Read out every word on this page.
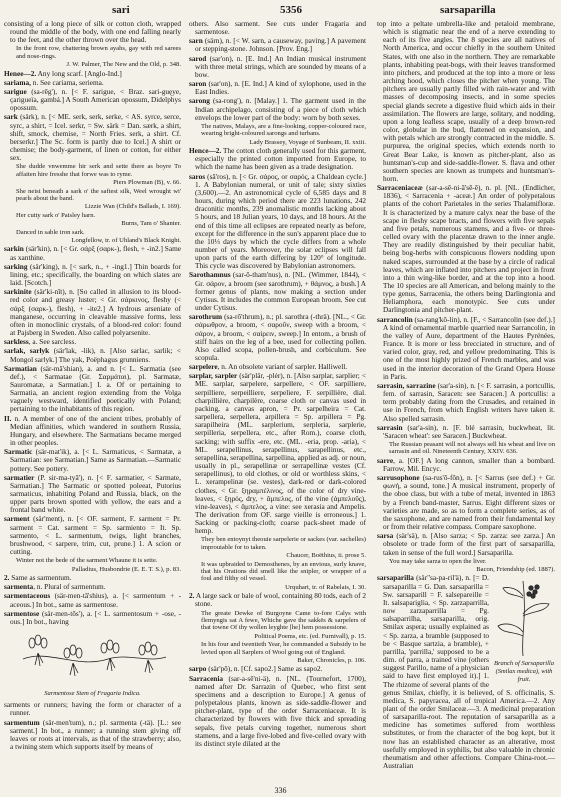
sari	5356	sarsaparilla

consisting of a long piece of silk or cotton cloth, wrapped round the middle of the body, with one end falling nearly to the feet, and the other thrown over the head.

In the front row, chattering brown ayahs, gay with red sarees and nose-rings.

J. W. Palmer, The New and the Old, p. 348.

Henee—2. Any long scarf. [Anglo-Ind.]

sariama, n. See cariama, seriema.

sarigue (sa-rēg'), n. [< F. sarigue, < Braz. sari-guęye, çarigueïa, gambá.] A South American opossum, Didelphys opossum.

sark (särk), n. [< ME. serk, serk, serke, < AS. syrce, serce, syrc, a shirt, = Icel. serkr, = Sw. särk = Dan. særk, a shirt, shift, smock, chemise, = North Fries. serk, a shirt. Cf. berserkr.] The Sc. form is partly due to Icel.] A shirt or chemise; the body-garment, of linen or cotton, for either sex.

She dudde vnwemme hir serk and sette there as boyre To affaiten hire fresshe that forwe was to ryme.

Piers Plowman (B), v. 66.

She neist beneath a sark o' the saftest silk, Weel wrought wi' pearls about the band.

Lizzie Wan (Child's Ballads, I. 169).

Her cutty sark o' Paisley harn.

Burns, Tam o' Shanter.

Danced in sable iron sark.

Longfellow, tr. of Uhland's Black Knight.

sarkin (sär'kin), n. [< Gr. σάρξ (σαρκ-), flesh, + -in2.] Same as xanthine.

sarking (sär'king), n. [< sark, n., + -ing1.] Thin boards for lining, etc.; specifically, the boarding on which slates are laid. [Scotch.]

sarkinite (sär'ki-nīt), n. [So called in allusion to its blood-red color and greasy luster; < Gr. σάρκινος, fleshy (< σάρξ (σαρκ-), flesh), + -ite2.] A hydrous arseniate of manganese, occurring in cleavable massive forms, less often in monoclinic crystals, of a blood-red color: found at Pajsberg in Sweden. Also called polyarsenite.

sarkless, a. See sarcless.

sarlak, sarlyk (sär'lak, -lik), n. [Also sarlac, sarlik; < Mongol sarlyk.] The yak, Poëphagus grunniens.

Sarmatian (sär-mā'shian), a. and n. [< L. Sarmatia (see def.), < Sarmatae (Gr. Σαρμάται), pl. Sarmatæ, Sauromatæ, a Sarmatian.] I. a. Of or pertaining to Sarmatia, an ancient region extending from the Volga vaguely westward, identified poetically with Poland; pertaining to the inhabitants of this region.

II. n. A member of one of the ancient tribes, probably of Median affinities, which wandered in southern Russia, Hungary, and elsewhere. The Sarmatians became merged in other peoples.

Sarmatic (sär-mat'ik), a. [< L. Sarmaticus, < Sarmatæ, a Sarmatian: see Sarmatian.] Same as Sarmatian.—Sarmatic pottery. See pottery.

sarmatier (P. sir-ma-tyā'), n. [< F. sarmatier, < Sarmate, Sarmatian.] The Sarmatic or spotted poleeat, Putorius sarmaticus, inhabiting Poland and Russia, black, on the upper parts brown spotted with yellow, the ears and a frontal band white.

sarment (sär'ment), n. [< OF. sarment, F. sarment = Pr. sarment = Cat. sarment = Sp. sarmiento = It. Sp. sarmento, < L. sarmentum, twigs, light branches, brushwood, < sarpere, trim, cut, prune.] 1. A scion or cutting.

Winter not the bede of the sarment Whaune it is sette.

Palladius, Husbondrie (E. E. T. S.), p. 83.

2. Same as sarmentum.

sarmenta, n. Plural of sarmentum.

sarmentaceous (sär-men-tā'shius), a. [< sarmentum + -aceous.] In bot., same as sarmentose.

sarmentose (sär-men-tōs'), a. [< L. sarmentosum + -ose, -ous.] In bot., having

Sarmentose Stem of Fragaria Indica.

sarments or runners; having the form or character of a runner.

sarmentum (sär-men'tum), n.; pl. sarmenta (-tä). [L.: see sarment.] In bot., a runner; a running stem giving off leaves or roots at intervals, as that of the strawberry; also, a twining stem which supports itself by means of

others. Also sarment. See cuts under Fragaria and sarmentose.

sarn (särn), n. [< W. sarn, a causeway, paving.] A pavement or stepping-stone. Johnson. [Prov. Eng.]

sarod (sar'on), n. [E. Ind.] An Indian musical instrument with three metal strings, which are sounded by means of a bow.

saron (sar'on), n. [E. Ind.] A kind of xylophone, used in the East Indies.

sarong (sa-rong'), n. [Malay.] 1. The garment used in the Indian archipelago, consisting of a piece of cloth which envelops the lower part of the body: worn by both sexes.

The natives, Malays, are a fine-looking, copper-coloured race, wearing bright-coloured sarongs and turbans.

Lady Brassey, Voyage of Sunbeam, II. xxiii.

Hence—2. The cotton cloth generally used for this garment, especially the printed cotton imported from Europe, to which the name has been given as a trade designation.

saros (sā'ros), n. [< Gr. σάρος, or σαρός, a Chaldean cycle.] 1. A Babylonian numeral, or unit of tale; sixty sixties (3,600).—2. An astronomical cycle of 6,585 days and 8 hours, during which period there are 223 lunations, 242 draconitic months, 239 anomalistic months lacking about 5 hours, and 18 Julian years, 10 days, and 18 hours. At the end of this time all eclipses are repeated nearly as before, except for the difference in the sun's apparent place due to the 10⅓ days by which the cycle differs from a whole number of years. Moreover, the solar eclipses will fall upon parts of the earth differing by 120° of longitude. This cycle was discovered by Babylonian astronomers.

Sarothamnus (sar-ō-tham'nus), n. [NL. (Wimmer, 1844), < Gr. σάρον, a broom (see sarothrum), + θάμνος, a bush.] A former genus of plants, now making a section under Cytisus. It includes the common European broom. See cut under Cytisus.

sarothrum (sa-rō'thrum), n.; pl. sarothra (-thrä). [NL., < Gr. σάρωθρον, a broom, < σαροῦν, sweep with a broom, < σάρον, a broom, < σαίρειν, sweep.] In entom., a brush of stiff hairs on the leg of a bee, used for collecting pollen. Also called scopa, pollen-brush, and corbiculum. See scopula.

sarpelere, n. An obsolete variant of sarpler. Halliwell.

sarplar, sarpler (sär'plär, -plėr), n. [Also sarplar, sarplier; < ME. sarplar, sarpelere, sarpellere, < OF. sarpilliere, serpilliere, serpeilliere, serpeliere, F. serpillière, dial. charpillière, charpilère, coarse cloth or canvas used in packing, a canvas apron, = Pr. sarpelheira = Cat. sarpellera, serpellera, arpillera = Sp. arpillera = Pg. sarapilheira (ML. sarplerium, serpleria, sarplerie, serpilleria, serpellera, etc., after Rom.), coarse cloth, sacking; with suffix -ere, etc. (ML. -eria, prop. -aria), < ML. serapellinus, serapellinus, sarapellinus, etc., serapellina, serapellina, sarpellina, applied as adj. or noun, usually in pl., serapellinæ or serrapellinæ vestes (Cf. serapellinus), to old clothes, or old or worthless skins, < L. xerampelinæ (se. vestes), dark-red or dark-colored clothes, < Gr. ξηραμπέλινος, of the color of dry vine-leaves, < ξηρός, dry, + ἄμπελος, of the vine (ἀμπελοῦς), vine-leaves), < ἄμπελος, a vine: see xerasia and Ampelis. The derivation from OF. sarge vieille is erroneous.] 1. Sacking or packing-cloth; coarse pack-sheet made of hemp.

They ben entoynyt theouie sarpelerie or sackes (var. sachelles) improuiable for to taken.

Chaucer, Boëthius, ii. prose 5.

It was upbraided to Demosthenes, by an envious, surly knave, that his Orations did smell like the snipler, or wrapper of a foul and filthy oil vessel.

Urquhart, tr. of Rabelais, I. 30.

2. A large sack or bale of wool, containing 80 tods, each of 2 stone.

The greate Dewke of Burgoyne Came to-fore Calys with flemyngis sat A fewe, Whiche gave the sakkës & sarpelers of that towne Of thy wollen leyghte [he] hem possessione.

Political Poems, etc. (ed. Furnivall), p. 15.

In his four and twentieth Year, he commanded a Subsidy to be levied upon all Sarplers of Wool going out of England.

Baker, Chronicles, p. 106.

sarpo (sär'pō), n. [Cf. sapo2.] Same as sapo2.

Sarracenia (sar-a-sē'ni-ä), n. [NL. (Tournefort, 1700), named after Dr. Sarrazin of Quebec, who first sent specimens and a description to Europe.] A genus of polypetalous plants, known as side-saddle-flower and pitcher-plant, type of the order Sarraceniaceæ. It is characterized by flowers with five thick and spreading sepals, five petals curving together, numerous short stamens, and a large five-lobed and five-celled ovary with its distinct style dilated at the

top into a peltate umbrella-like and petaloid membrane, which is stigmatic near the end of a nerve extending to each of its five angles. The 8 species are all natives of North America, and occur chiefly in the southern United States, with one also in the northern. They are remarkable plants, inhabiting peat-bogs, with their leaves transformed into pitchers, and produced at the top into a more or less arching hood, which closes the pitcher when young. The pitchers are usually partly filled with rain-water and with masses of decomposing insects, and in some species special glands secrete a digestive fluid which aids in their assimilation. The flowers are large, solitary, and nodding, upon a long leafless scape, usually of a deep brown-red color, globular in the bud, flattened on expansion, and with petals which are strongly contracted in the middle. S. purpurea, the original species, which extends north to Great Bear Lake, is known as pitcher-plant, also as huntsman's-cup and side-saddle-flower. S. flava and other southern species are known as trumpets and huntsman's-horn.

Sarraceniaceæ (sar-a-sē-ni-ā'sē-ē), n. pl. [NL. (Endlicher, 1836), < Sarracenia + -aceæ.] An order of polypetalous plants of the cohort Parietales in the series Thalamifloræ. It is characterized by a mature calyx near the base of the scape in fleshy scape bracts, and flowers with five sepals and five petals, numerous stamens, and a five- or three-celled ovary with the placentæ drawn to the inner angle. They are readily distinguished by their peculiar habit, being bog-herbs with conspicuous flowers nodding upon naked scapes, surrounded at the base by a circle of radical leaves, which are inflated into pitchers and project in front into a thin wing-like border, and at the top into a hood. The 10 species are all American, and belong mainly to the type genus, Sarracenia, the others being Darlingtonia and Heliamphora, each monotypic. See cuts under Darlingtonia and pitcher-plant.

sarrancolin (sa-rang'kō-lin), n. [F., < Sarrancolin (see def.).] A kind of ornamental marble quarried near Sarrancolin, in the valley of Aure, department of the Hautes Pyrénées, France. It is more or less brecciated in structure, and of varied color, gray, red, and yellow predominating. This is one of the most highly prized of French marbles, and was used in the interior decoration of the Grand Opera House in Paris.

sarrasin, sarrazine (sar'a-sin), n. [< F. sarrasin, a portcullis, fem. of sarrasin, Saracen: see Saracen.] A portcullis: a term probably dating from the Crusades, and retained in use in French, from which English writers have taken it. Also spelled sarrasin.

sarrasin (sar'a-sin), n. [F. blé sarrasin, buckwheat, lit. 'Saracen wheat': see Saracen.] Buckwheat.

The Russian peasant will not always sell his wheat and live on sarrasin and oil. Nineteenth Century, XXIV. 636.

sarre, a. [OF.] A long cannon, smaller than a bombard. Farrow, Mil. Encyc.

sarrusophone (sa-rus'ō-fōn), n. [< Sarrus (see def.) + Gr. φωνή, a sound, tone.] A musical instrument, properly of the oboe class, but with a tube of metal, invented in 1863 by a French band-master, Sarrus. Eight different sizes or varieties are made, so as to form a complete series, as of the saxophone, and are named from their fundamental key or from their relative compass. Compare saxophone.

sarsa (sär'sä), n. [Also sarza; < Sp. zarza: see zarza.] An obsolete or trade form of the first part of sarsaparilla, taken in sense of the full word.] Sarsaparilla.

You may take sarza to open the liver.

Bacon, Friendship (ed. 1887).

Branch of Sarsaparilla (Smilax medica), with fruit.

sarsaparilla (sär"sa-pa-ril'ä), n. [= D. sarsaparilla = G. Dan. sarsaparilla = Sw. sarsaparill = F. salsepareille = It. salsapariglia, < Sp. zarzaparrilla, now zarzaparrilla = Pg. salsaparrilha, sarsaparilla, orig. Smilax aspera; usually explained as < Sp. zarza, a bramble (supposed to be < Basque sartzia, a bramble), + parrilla, 'parrilla,' supposed to be a dim. of parra, a trained vine (others suggest Parillo, name of a physician said to have first employed it).] 1. The rhizome of several plants of the genus Smilax, chiefly, it is believed, of S. officinalis, S. medica, S. papyracea, all of tropical America.—2. Any plant of the order Smilaceæ.—3. A medicinal preparation of sarsaparilla-root. The reputation of sarsaparilla as a medicine has sometimes suffered from worthless substitutes, or from the character of the bog kept, but it now has an established character as an alterative, most usefully employed in syphilis, but also valuable in chronic rheumatism and other affections. Compare China-root.—Australian

336
